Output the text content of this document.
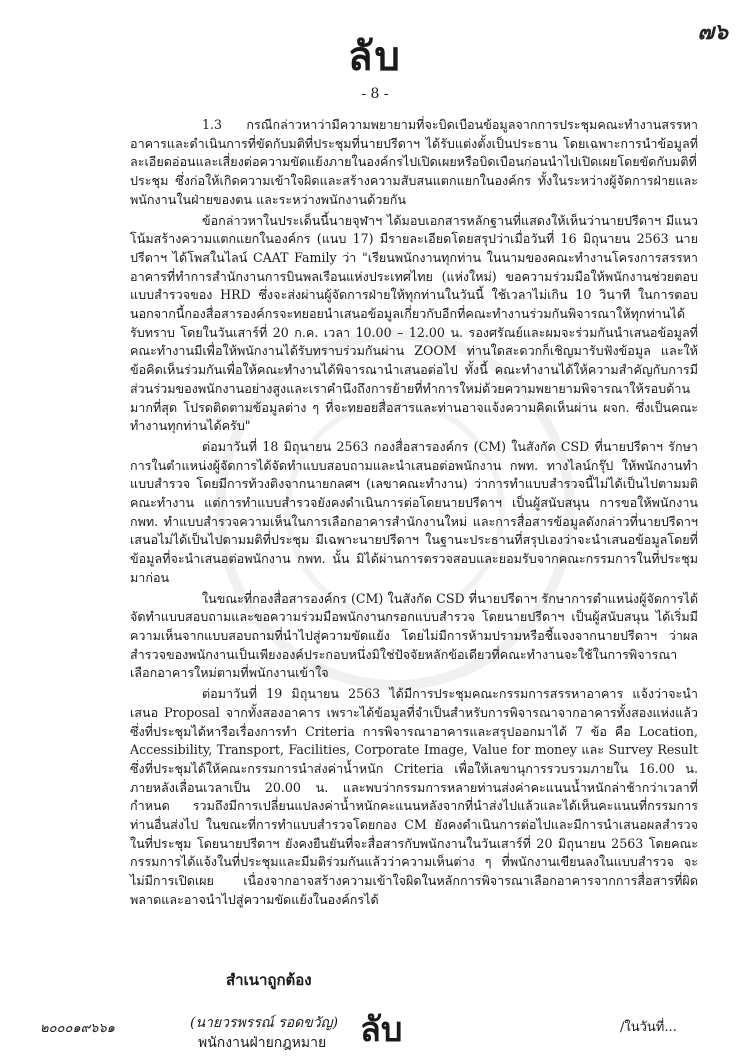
๗๖
ลับ
- 8 -

1.3 กรณีกล่าวหาว่ามีความพยายามที่จะบิดเบือนข้อมูลจากการประชุมคณะทำงานสรรหาอาคารและดำเนินการที่ขัดกับมติที่ประชุมที่นายปรีดาฯ ได้รับแต่งตั้งเป็นประธาน โดยเฉพาะการนำข้อมูลที่ละเอียดอ่อนและเสี่ยงต่อความขัดแย้งภายในองค์กรไปเปิดเผยหรือบิดเบือนก่อนนำไปเปิดเผยโดยขัดกับมติที่ประชุม ซึ่งก่อให้เกิดความเข้าใจผิดและสร้างความสับสนแตกแยกในองค์กร ทั้งในระหว่างผู้จัดการฝ่ายและพนักงานในฝ่ายของตน และระหว่างพนักงานด้วยกัน

ข้อกล่าวหาในประเด็นนี้นายจุฬาฯ ได้มอบเอกสารหลักฐานที่แสดงให้เห็นว่านายปรีดาฯ มีแนวโน้มสร้างความแตกแยกในองค์กร (แนบ 17) มีรายละเอียดโดยสรุปว่าเมื่อวันที่ 16 มิถุนายน 2563 นายปรีดาฯ ได้โพสในไลน์ CAAT Family ว่า "เรียนพนักงานทุกท่าน ในนามของคณะทำงานโครงการสรรหาอาคารที่ทำการสำนักงานการบินพลเรือนแห่งประเทศไทย (แห่งใหม่) ขอความร่วมมือให้พนักงานช่วยตอบแบบสำรวจของ HRD ซึ่งจะส่งผ่านผู้จัดการฝ่ายให้ทุกท่านในวันนี้ ใช้เวลาไม่เกิน 10 วินาที ในการตอบ นอกจากนี้กองสื่อสารองค์กรจะทยอยนำเสนอข้อมูลเกี่ยวกับอีกที่คณะทำงานร่วมกันพิจารณาให้ทุกท่านได้รับทราบ โดยในวันเสาร์ที่ 20 ก.ค. เวลา 10.00 – 12.00 น. รองศรัณย์และผมจะร่วมกันนำเสนอข้อมูลที่คณะทำงานมีเพื่อให้พนักงานได้รับทราบร่วมกันผ่าน ZOOM ท่านใดสะดวกก็เชิญมารับฟังข้อมูล และให้ข้อคิดเห็นร่วมกันเพื่อให้คณะทำงานได้พิจารณานำเสนอต่อไป ทั้งนี้ คณะทำงานได้ให้ความสำคัญกับการมีส่วนร่วมของพนักงานอย่างสูงและเราคำนึงถึงการย้ายที่ทำการใหม่ด้วยความพยายามพิจารณาให้รอบด้านมากที่สุด โปรดติดตามข้อมูลต่าง ๆ ที่จะทยอยสื่อสารและท่านอาจแจ้งความคิดเห็นผ่าน ผจก. ซึ่งเป็นคณะทำงานทุกท่านได้ครับ"

ต่อมาวันที่ 18 มิถุนายน 2563 กองสื่อสารองค์กร (CM) ในสังกัด CSD ที่นายปรีดาฯ รักษาการในตำแหน่งผู้จัดการได้จัดทำแบบสอบถามและนำเสนอต่อพนักงาน กพท. ทางไลน์กรุ๊ป ให้พนักงานทำแบบสำรวจ โดยมีการท้วงติงจากนายกลศฯ (เลขาคณะทำงาน) ว่าการทำแบบสำรวจนี้ไม่ได้เป็นไปตามมติคณะทำงาน แต่การทำแบบสำรวจยังคงดำเนินการต่อโดยนายปรีดาฯ เป็นผู้สนับสนุน การขอให้พนักงาน กพท. ทำแบบสำรวจความเห็นในการเลือกอาคารสำนักงานใหม่ และการสื่อสารข้อมูลดังกล่าวที่นายปรีดาฯ เสนอไม่ได้เป็นไปตามมติที่ประชุม มีเฉพาะนายปรีดาฯ ในฐานะประธานที่สรุปเองว่าจะนำเสนอข้อมูลโดยที่ข้อมูลที่จะนำเสนอต่อพนักงาน กพท. นั้น มิได้ผ่านการตรวจสอบและยอมรับจากคณะกรรมการในที่ประชุมมาก่อน

ในขณะที่กองสื่อสารองค์กร (CM) ในสังกัด CSD ที่นายปรีดาฯ รักษาการตำแหน่งผู้จัดการได้จัดทำแบบสอบถามและขอความร่วมมือพนักงานกรอกแบบสำรวจ โดยนายปรีดาฯ เป็นผู้สนับสนุน ได้เริ่มมีความเห็นจากแบบสอบถามที่นำไปสู่ความขัดแย้ง โดยไม่มีการห้ามปรามหรือชี้แจงจากนายปรีดาฯ ว่าผลสำรวจของพนักงานเป็นเพียงองค์ประกอบหนึ่งมิใช่ปัจจัยหลักข้อเดียวที่คณะทำงานจะใช้ในการพิจารณาเลือกอาคารใหม่ตามที่พนักงานเข้าใจ

ต่อมาวันที่ 19 มิถุนายน 2563 ได้มีการประชุมคณะกรรมการสรรหาอาคาร แจ้งว่าจะนำเสนอ Proposal จากทั้งสองอาคาร เพราะได้ข้อมูลที่จำเป็นสำหรับการพิจารณาจากอาคารทั้งสองแห่งแล้ว ซึ่งที่ประชุมได้หารือเรื่องการทำ Criteria การพิจารณาอาคารและสรุปออกมาได้ 7 ข้อ คือ Location, Accessibility, Transport, Facilities, Corporate Image, Value for money และ Survey Result ซึ่งที่ประชุมได้ให้คณะกรรมการนำส่งค่าน้ำหนัก Criteria เพื่อให้เลขานุการรวบรวมภายใน 16.00 น. ภายหลังเลื่อนเวลาเป็น 20.00 น. และพบว่ากรรมการหลายท่านส่งค่าคะแนนน้ำหนักล่าช้ากว่าเวลาที่กำหนด รวมถึงมีการเปลี่ยนแปลงค่าน้ำหนักคะแนนหลังจากที่นำส่งไปแล้วและได้เห็นคะแนนที่กรรมการท่านอื่นส่งไป ในขณะที่การทำแบบสำรวจโดยกอง CM ยังคงดำเนินการต่อไปและมีการนำเสนอผลสำรวจในที่ประชุม โดยนายปรีดาฯ ยังคงยืนยันที่จะสื่อสารกับพนักงานในวันเสาร์ที่ 20 มิถุนายน 2563 โดยคณะกรรมการได้แจ้งในที่ประชุมและมีมติร่วมกันแล้วว่าความเห็นต่าง ๆ ที่พนักงานเขียนลงในแบบสำรวจ จะไม่มีการเปิดเผย เนื่องจากอาจสร้างความเข้าใจผิดในหลักการพิจารณาเลือกอาคารจากการสื่อสารที่ผิดพลาดและอาจนำไปสู่ความขัดแย้งในองค์กรได้

สำเนาถูกต้อง
ลับ
(นายวรพรรณ์ รอดขวัญ)
พนักงานฝ่ายกฎหมาย
/ในวันที่...
๒๐๐๐๑๙๖๖๑
